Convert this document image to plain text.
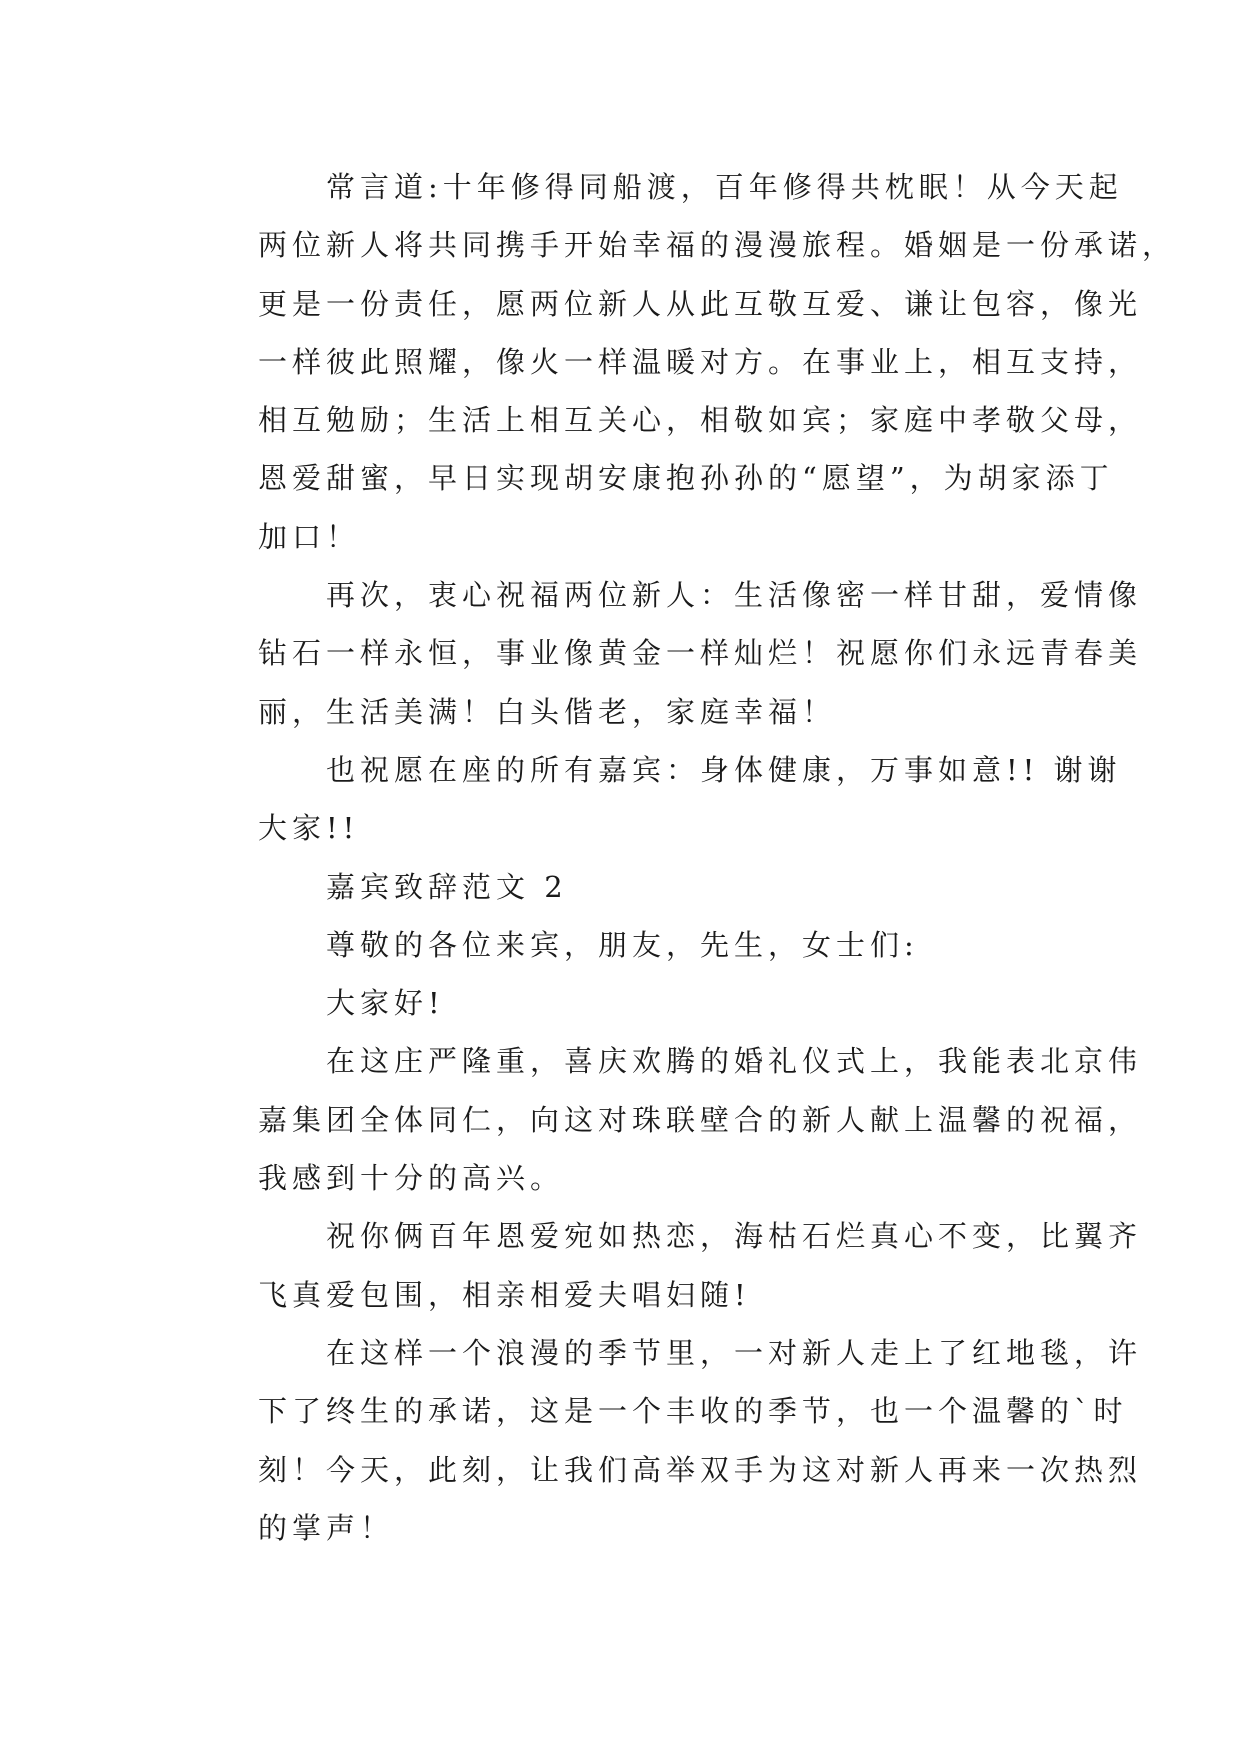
常言道:十年修得同船渡，百年修得共枕眠！从今天起
两位新人将共同携手开始幸福的漫漫旅程。婚姻是一份承诺，
更是一份责任，愿两位新人从此互敬互爱、谦让包容，像光
一样彼此照耀，像火一样温暖对方。在事业上，相互支持，
相互勉励；生活上相互关心，相敬如宾；家庭中孝敬父母，
恩爱甜蜜，早日实现胡安康抱孙孙的“愿望”，为胡家添丁
加口！
再次，衷心祝福两位新人：生活像密一样甘甜，爱情像
钻石一样永恒，事业像黄金一样灿烂！祝愿你们永远青春美
丽，生活美满！白头偕老，家庭幸福！
也祝愿在座的所有嘉宾：身体健康，万事如意!! 谢谢
大家!!
嘉宾致辞范文 2
尊敬的各位来宾，朋友，先生，女士们:
大家好!
在这庄严隆重，喜庆欢腾的婚礼仪式上，我能表北京伟
嘉集团全体同仁，向这对珠联壁合的新人献上温馨的祝福，
我感到十分的高兴。
祝你俩百年恩爱宛如热恋，海枯石烂真心不变，比翼齐
飞真爱包围，相亲相爱夫唱妇随!
在这样一个浪漫的季节里，一对新人走上了红地毯，许
下了终生的承诺，这是一个丰收的季节，也一个温馨的`时
刻！今天，此刻，让我们高举双手为这对新人再来一次热烈
的掌声！
